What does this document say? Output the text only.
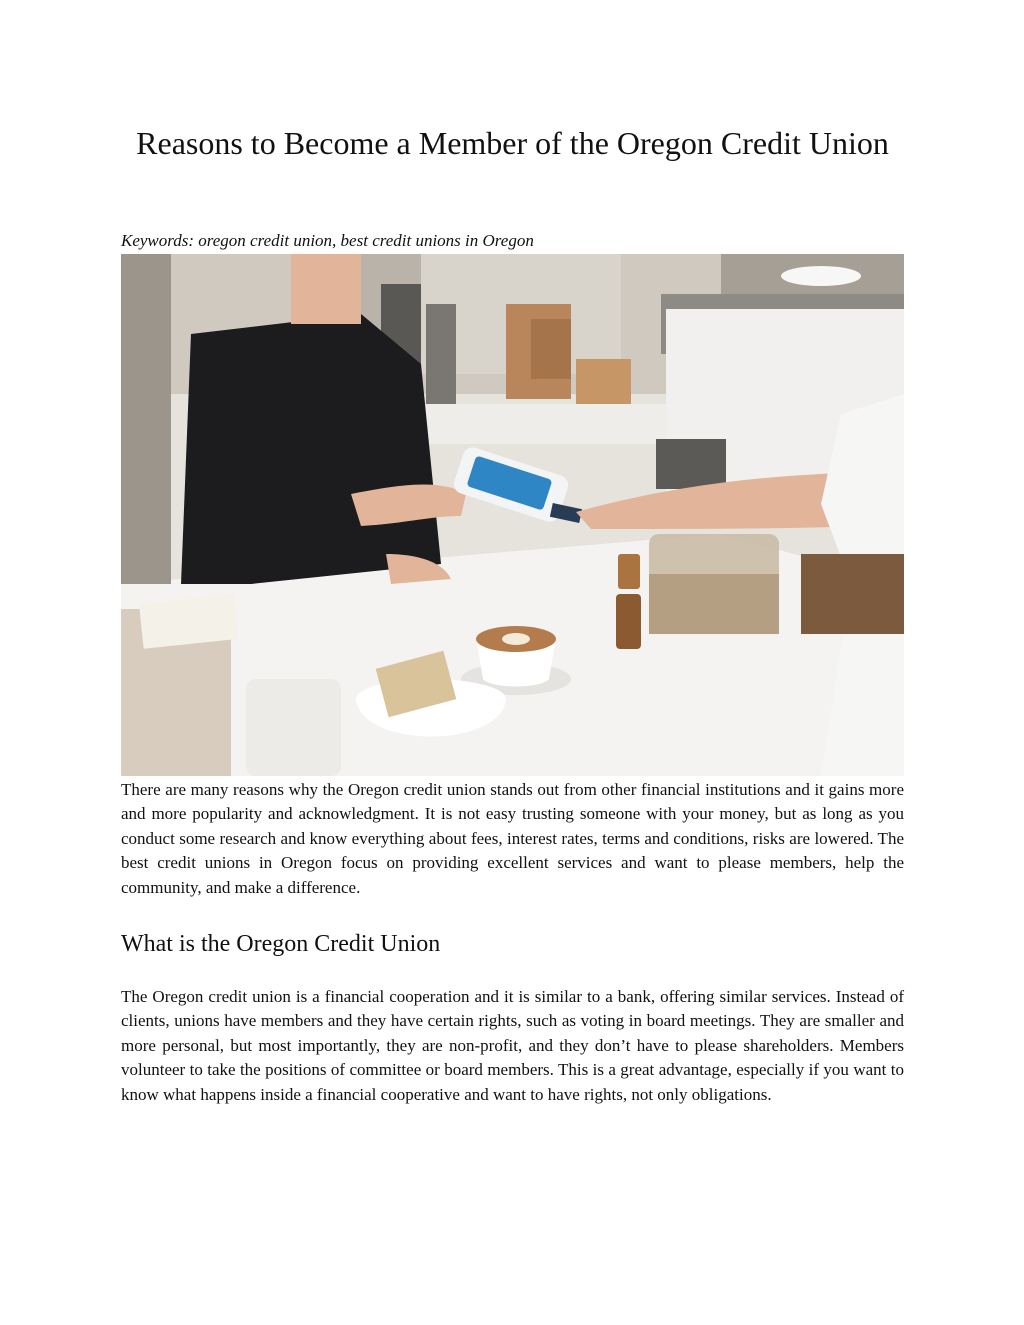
Reasons to Become a Member of the Oregon Credit Union

Keywords: oregon credit union, best credit unions in Oregon

There are many reasons why the Oregon credit union stands out from other financial institutions and it gains more and more popularity and acknowledgment. It is not easy trusting someone with your money, but as long as you conduct some research and know everything about fees, interest rates, terms and conditions, risks are lowered. The best credit unions in Oregon focus on providing excellent services and want to please members, help the community, and make a difference.

What is the Oregon Credit Union

The Oregon credit union is a financial cooperation and it is similar to a bank, offering similar services. Instead of clients, unions have members and they have certain rights, such as voting in board meetings. They are smaller and more personal, but most importantly, they are non-profit, and they don’t have to please shareholders. Members volunteer to take the positions of committee or board members. This is a great advantage, especially if you want to know what happens inside a financial cooperative and want to have rights, not only obligations.
